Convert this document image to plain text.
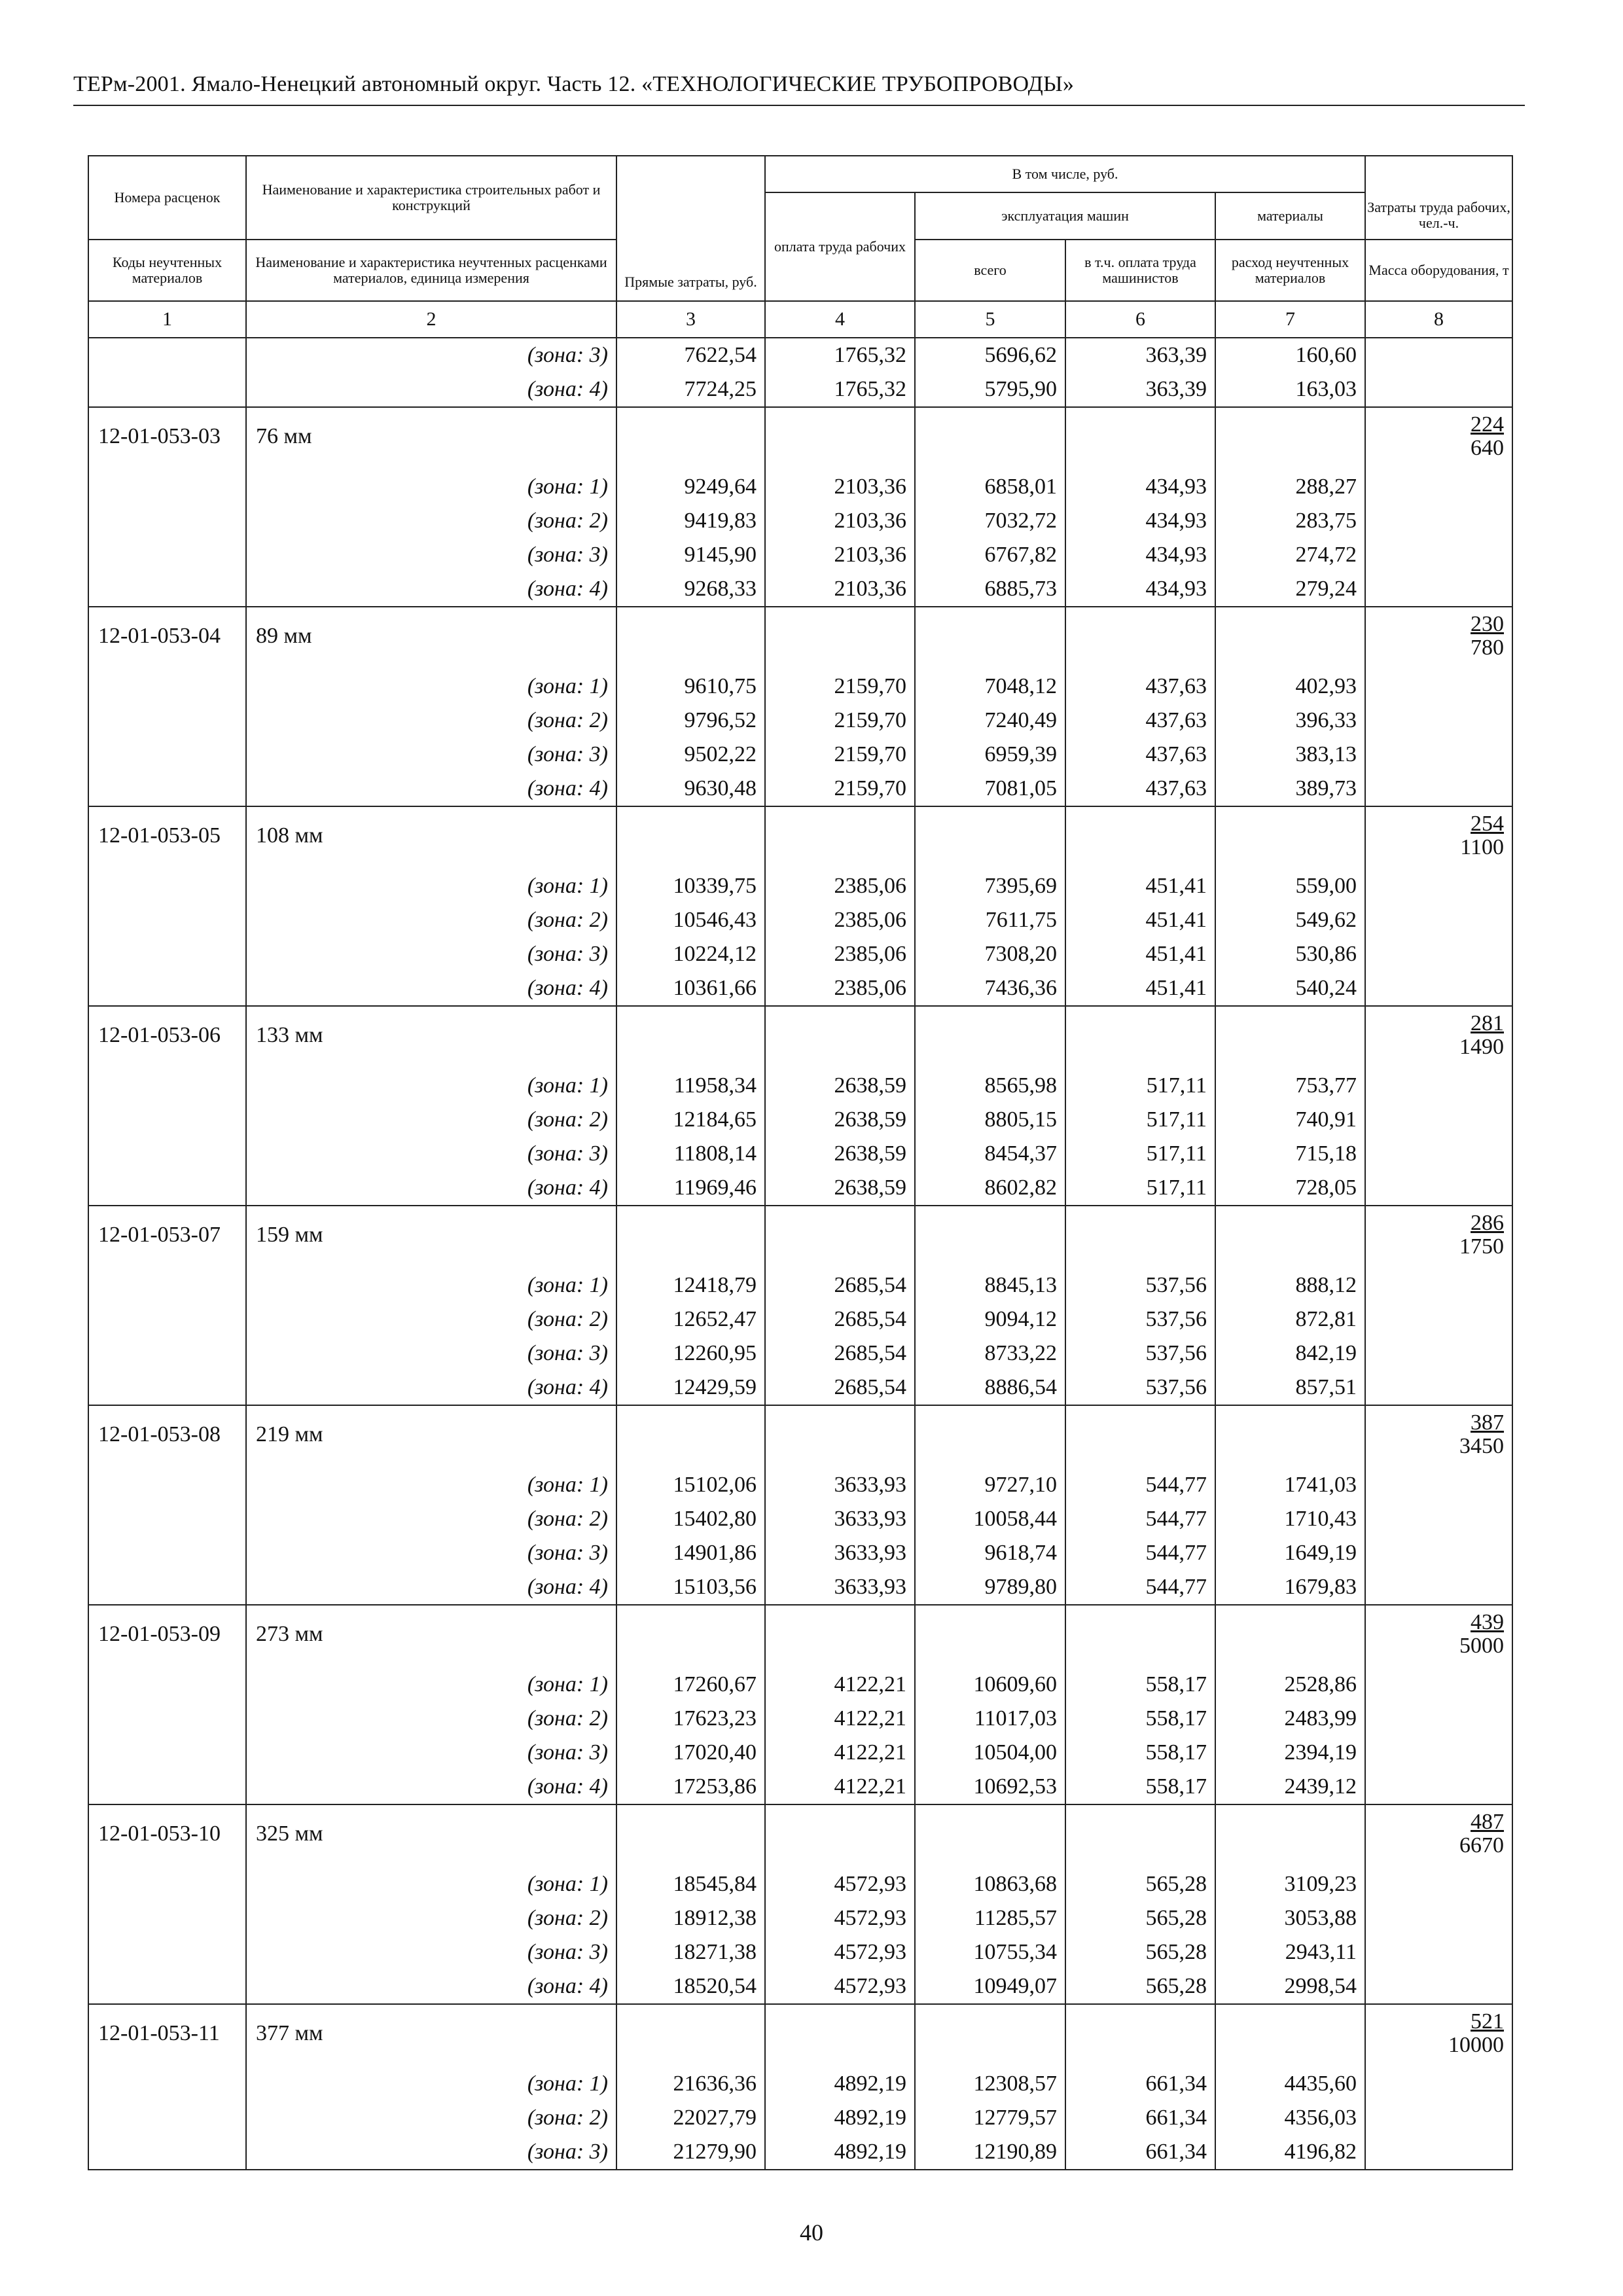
ТЕРм-2001. Ямало-Ненецкий автономный округ. Часть 12. «ТЕХНОЛОГИЧЕСКИЕ ТРУБОПРОВОДЫ»
Номера расценок	Наименование и характеристика строительных работ и конструкций	Прямые затраты, руб.	В том числе, руб.				Затраты труда рабочих, чел.-ч.
			оплата труда рабочих	эксплуатация машин		материалы	
Коды неучтенных материалов	Наименование и характеристика неучтенных расценками материалов, единица измерения			всего	в т.ч. оплата труда машинистов	расход неучтенных материалов	Масса оборудования, т
1	2	3	4	5	6	7	8
	(зона: 3)	7622,54	1765,32	5696,62	363,39	160,60	
	(зона: 4)	7724,25	1765,32	5795,90	363,39	163,03	
12-01-053-03	76 мм						224
640

	(зона: 1)	9249,64	2103,36	6858,01	434,93	288,27	
	(зона: 2)	9419,83	2103,36	7032,72	434,93	283,75	
	(зона: 3)	9145,90	2103,36	6767,82	434,93	274,72	
	(зона: 4)	9268,33	2103,36	6885,73	434,93	279,24	
12-01-053-04	89 мм						230
780

	(зона: 1)	9610,75	2159,70	7048,12	437,63	402,93	
	(зона: 2)	9796,52	2159,70	7240,49	437,63	396,33	
	(зона: 3)	9502,22	2159,70	6959,39	437,63	383,13	
	(зона: 4)	9630,48	2159,70	7081,05	437,63	389,73	
12-01-053-05	108 мм						254
1100

	(зона: 1)	10339,75	2385,06	7395,69	451,41	559,00	
	(зона: 2)	10546,43	2385,06	7611,75	451,41	549,62	
	(зона: 3)	10224,12	2385,06	7308,20	451,41	530,86	
	(зона: 4)	10361,66	2385,06	7436,36	451,41	540,24	
12-01-053-06	133 мм						281
1490

	(зона: 1)	11958,34	2638,59	8565,98	517,11	753,77	
	(зона: 2)	12184,65	2638,59	8805,15	517,11	740,91	
	(зона: 3)	11808,14	2638,59	8454,37	517,11	715,18	
	(зона: 4)	11969,46	2638,59	8602,82	517,11	728,05	
12-01-053-07	159 мм						286
1750

	(зона: 1)	12418,79	2685,54	8845,13	537,56	888,12	
	(зона: 2)	12652,47	2685,54	9094,12	537,56	872,81	
	(зона: 3)	12260,95	2685,54	8733,22	537,56	842,19	
	(зона: 4)	12429,59	2685,54	8886,54	537,56	857,51	
12-01-053-08	219 мм						387
3450

	(зона: 1)	15102,06	3633,93	9727,10	544,77	1741,03	
	(зона: 2)	15402,80	3633,93	10058,44	544,77	1710,43	
	(зона: 3)	14901,86	3633,93	9618,74	544,77	1649,19	
	(зона: 4)	15103,56	3633,93	9789,80	544,77	1679,83	
12-01-053-09	273 мм						439
5000

	(зона: 1)	17260,67	4122,21	10609,60	558,17	2528,86	
	(зона: 2)	17623,23	4122,21	11017,03	558,17	2483,99	
	(зона: 3)	17020,40	4122,21	10504,00	558,17	2394,19	
	(зона: 4)	17253,86	4122,21	10692,53	558,17	2439,12	
12-01-053-10	325 мм						487
6670

	(зона: 1)	18545,84	4572,93	10863,68	565,28	3109,23	
	(зона: 2)	18912,38	4572,93	11285,57	565,28	3053,88	
	(зона: 3)	18271,38	4572,93	10755,34	565,28	2943,11	
	(зона: 4)	18520,54	4572,93	10949,07	565,28	2998,54	
12-01-053-11	377 мм						521
10000

	(зона: 1)	21636,36	4892,19	12308,57	661,34	4435,60	
	(зона: 2)	22027,79	4892,19	12779,57	661,34	4356,03	
	(зона: 3)	21279,90	4892,19	12190,89	661,34	4196,82	
40
